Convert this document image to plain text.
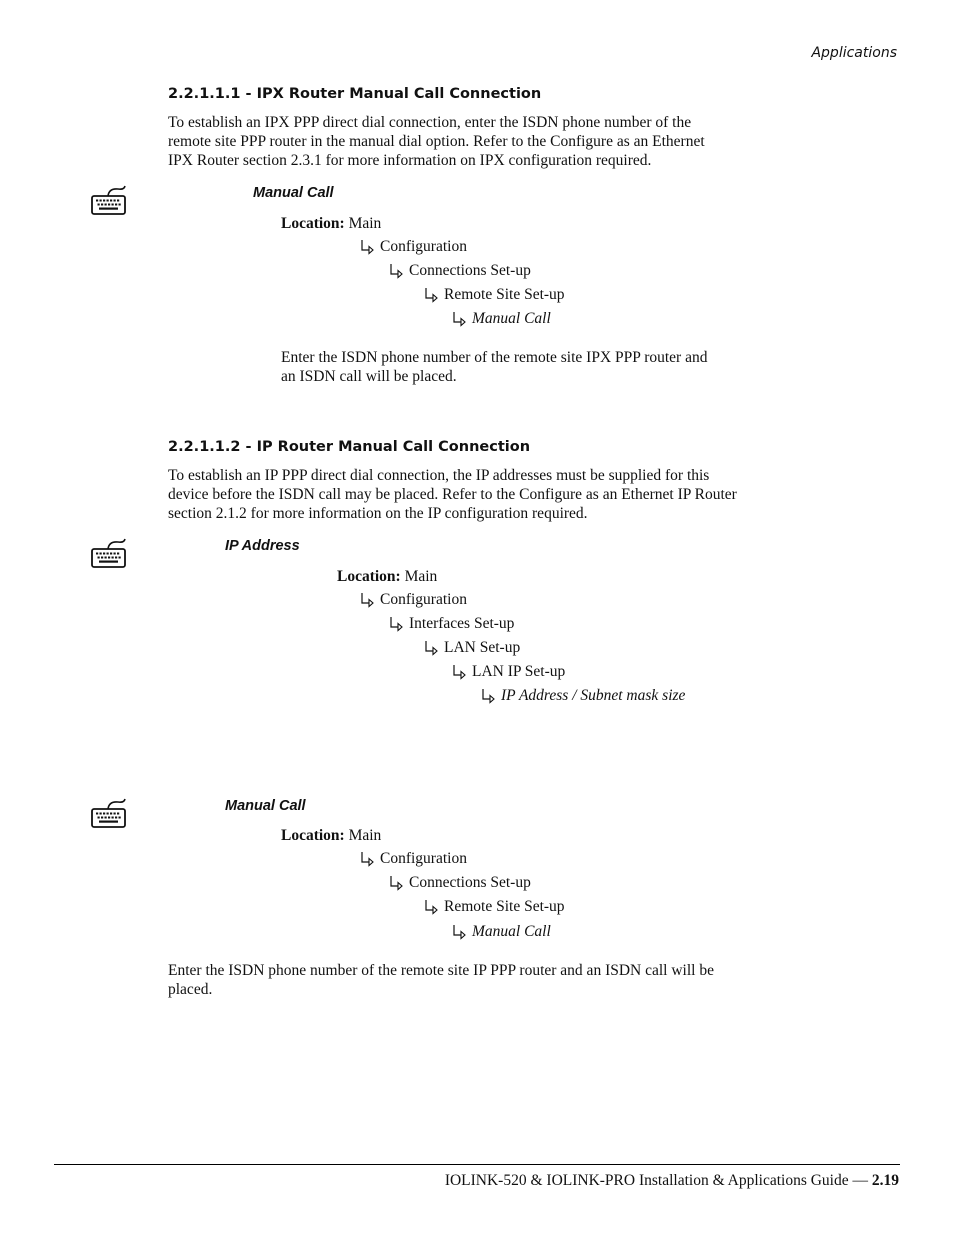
Applications
2.2.1.1.1 - IPX Router Manual Call Connection
To establish an IPX PPP direct dial connection, enter the ISDN phone number of the
remote site PPP router in the manual dial option. Refer to the Configure as an Ethernet
IPX Router section 2.3.1 for more information on IPX configuration required.
Manual Call
Location: Main
Configuration
Connections Set-up
Remote Site Set-up
Manual Call
Enter the ISDN phone number of the remote site IPX PPP router and
an ISDN call will be placed.
2.2.1.1.2 - IP Router Manual Call Connection
To establish an IP PPP direct dial connection, the IP addresses must be supplied for this
device before the ISDN call may be placed. Refer to the Configure as an Ethernet IP Router
section 2.1.2 for more information on the IP configuration required.
IP Address
Location: Main
Configuration
Interfaces Set-up
LAN Set-up
LAN IP Set-up
IP Address / Subnet mask size
Manual Call
Location: Main
Configuration
Connections Set-up
Remote Site Set-up
Manual Call
Enter the ISDN phone number of the remote site IP PPP router and an ISDN call will be
placed.
IOLINK-520 & IOLINK-PRO Installation & Applications Guide — 2.19
